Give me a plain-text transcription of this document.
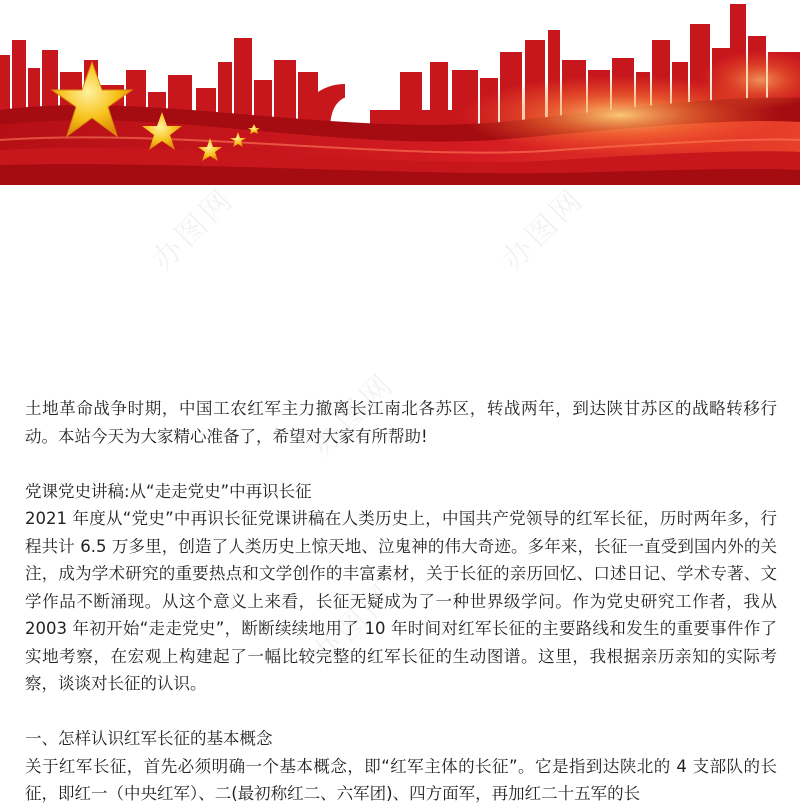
办图网	办图网
办图网
办图网

土地革命战争时期，中国工农红军主力撤离长江南北各苏区，转战两年，到达陕甘苏区的战略转移行动。本站今天为大家精心准备了，希望对大家有所帮助!

党课党史讲稿:从“走走党史”中再识长征

2021 年度从“党史”中再识长征党课讲稿在人类历史上，中国共产党领导的红军长征，历时两年多，行程共计 6.5 万多里，创造了人类历史上惊天地、泣鬼神的伟大奇迹。多年来，长征一直受到国内外的关注，成为学术研究的重要热点和文学创作的丰富素材，关于长征的亲历回忆、口述日记、学术专著、文学作品不断涌现。从这个意义上来看，长征无疑成为了一种世界级学问。作为党史研究工作者，我从 2003 年初开始“走走党史”，断断续续地用了 10 年时间对红军长征的主要路线和发生的重要事件作了实地考察，在宏观上构建起了一幅比较完整的红军长征的生动图谱。这里，我根据亲历亲知的实际考察，谈谈对长征的认识。

一、怎样认识红军长征的基本概念

关于红军长征，首先必须明确一个基本概念，即“红军主体的长征”。它是指到达陕北的 4 支部队的长征，即红一（中央红军）、二(最初称红二、六军团)、四方面军，再加红二十五军的长
